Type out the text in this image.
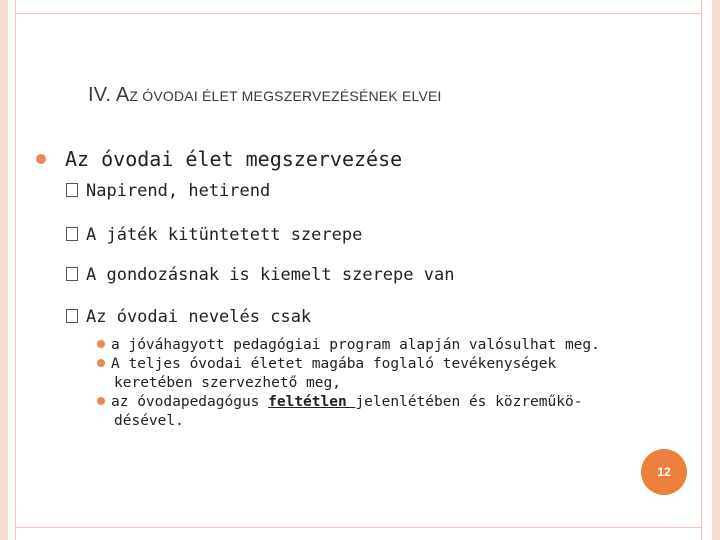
IV. AZ ÓVODAI ÉLET MEGSZERVEZÉSÉNEK ELVEI
Az óvodai élet megszervezése
Napirend, hetirend
A játék kitüntetett szerepe
A gondozásnak is kiemelt szerepe van
Az óvodai nevelés csak
a jóváhagyott pedagógiai program alapján valósulhat meg.
A teljes óvodai életet magába foglaló tevékenységek
keretében szervezhető meg,
az óvodapedagógus feltétlen jelenlétében és közreműkö-
désével.
12
